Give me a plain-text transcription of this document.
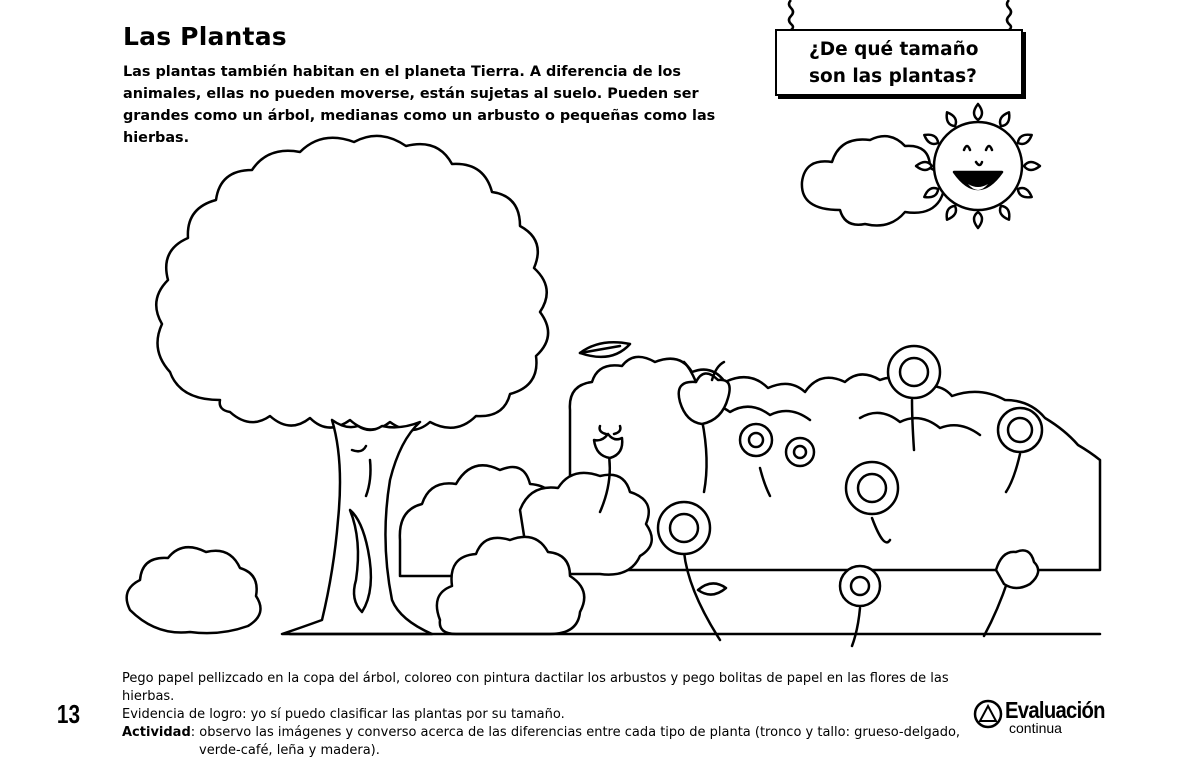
Las Plantas

Las plantas también habitan en el planeta Tierra. A diferencia de los animales, ellas no pueden moverse, están sujetas al suelo. Pueden ser grandes como un árbol, medianas como un arbusto o pequeñas como las hierbas.

¿De qué tamaño
son las plantas?

Pego papel pellizcado en la copa del árbol, coloreo con pintura dactilar los arbustos y pego bolitas de papel en las flores de las hierbas.

Evidencia de logro: yo sí puedo clasificar las plantas por su tamaño.

Actividad: observo las imágenes y converso acerca de las diferencias entre cada tipo de planta (tronco y tallo: grueso-delgado,

verde-café, leña y madera).

13	Evaluación
continua
